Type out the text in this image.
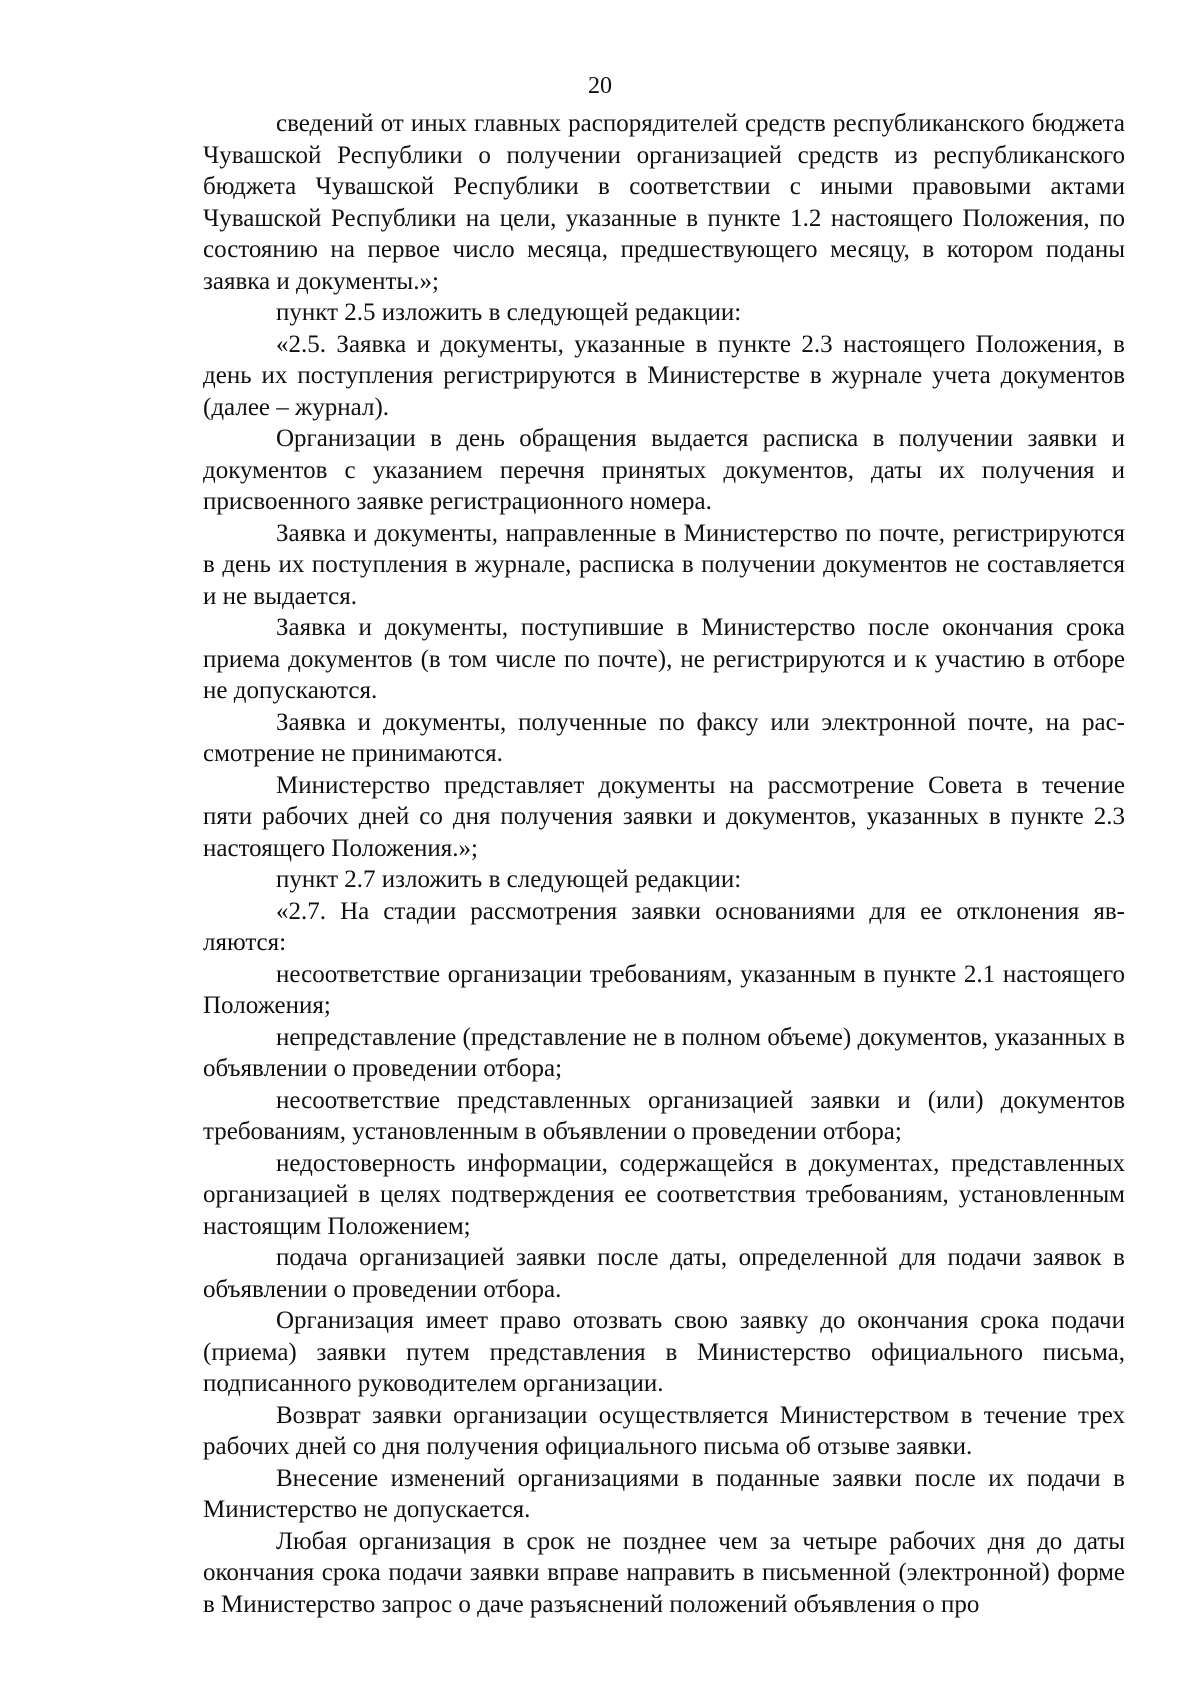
20

сведений от иных главных распорядителей средств республиканского бюджета Чувашской Республики о получении организацией средств из республиканского бюджета Чувашской Республики в соответствии с иными правовыми актами Чувашской Республики на цели, указанные в пункте 1.2 настоящего Положения, по состоянию на первое число месяца, предшествующего месяцу, в котором поданы заявка и документы.»;

пункт 2.5 изложить в следующей редакции:

«2.5. Заявка и документы, указанные в пункте 2.3 настоящего Положения, в день их поступления регистрируются в Министерстве в журнале учета документов (далее – журнал).

Организации в день обращения выдается расписка в получении заявки и документов с указанием перечня принятых документов, даты их получения и присвоенного заявке регистрационного номера.

Заявка и документы, направленные в Министерство по почте, регистрируются в день их поступления в журнале, расписка в получении документов не составляется и не выдается.

Заявка и документы, поступившие в Министерство после окончания срока приема документов (в том числе по почте), не регистрируются и к участию в отборе не допускаются.

Заявка и документы, полученные по факсу или электронной почте, на рассмотрение не принимаются.

Министерство представляет документы на рассмотрение Совета в течение пяти рабочих дней со дня получения заявки и документов, указанных в пункте 2.3 настоящего Положения.»;

пункт 2.7 изложить в следующей редакции:

«2.7. На стадии рассмотрения заявки основаниями для ее отклонения являются:

несоответствие организации требованиям, указанным в пункте 2.1 настоящего Положения;

непредставление (представление не в полном объеме) документов, указанных в объявлении о проведении отбора;

несоответствие представленных организацией заявки и (или) документов требованиям, установленным в объявлении о проведении отбора;

недостоверность информации, содержащейся в документах, представленных организацией в целях подтверждения ее соответствия требованиям, установленным настоящим Положением;

подача организацией заявки после даты, определенной для подачи заявок в объявлении о проведении отбора.

Организация имеет право отозвать свою заявку до окончания срока подачи (приема) заявки путем представления в Министерство официального письма, подписанного руководителем организации.

Возврат заявки организации осуществляется Министерством в течение трех рабочих дней со дня получения официального письма об отзыве заявки.

Внесение изменений организациями в поданные заявки после их подачи в Министерство не допускается.

Любая организация в срок не позднее чем за четыре рабочих дня до даты окончания срока подачи заявки вправе направить в письменной (электронной) форме в Министерство запрос о даче разъяснений положений объявления о про
